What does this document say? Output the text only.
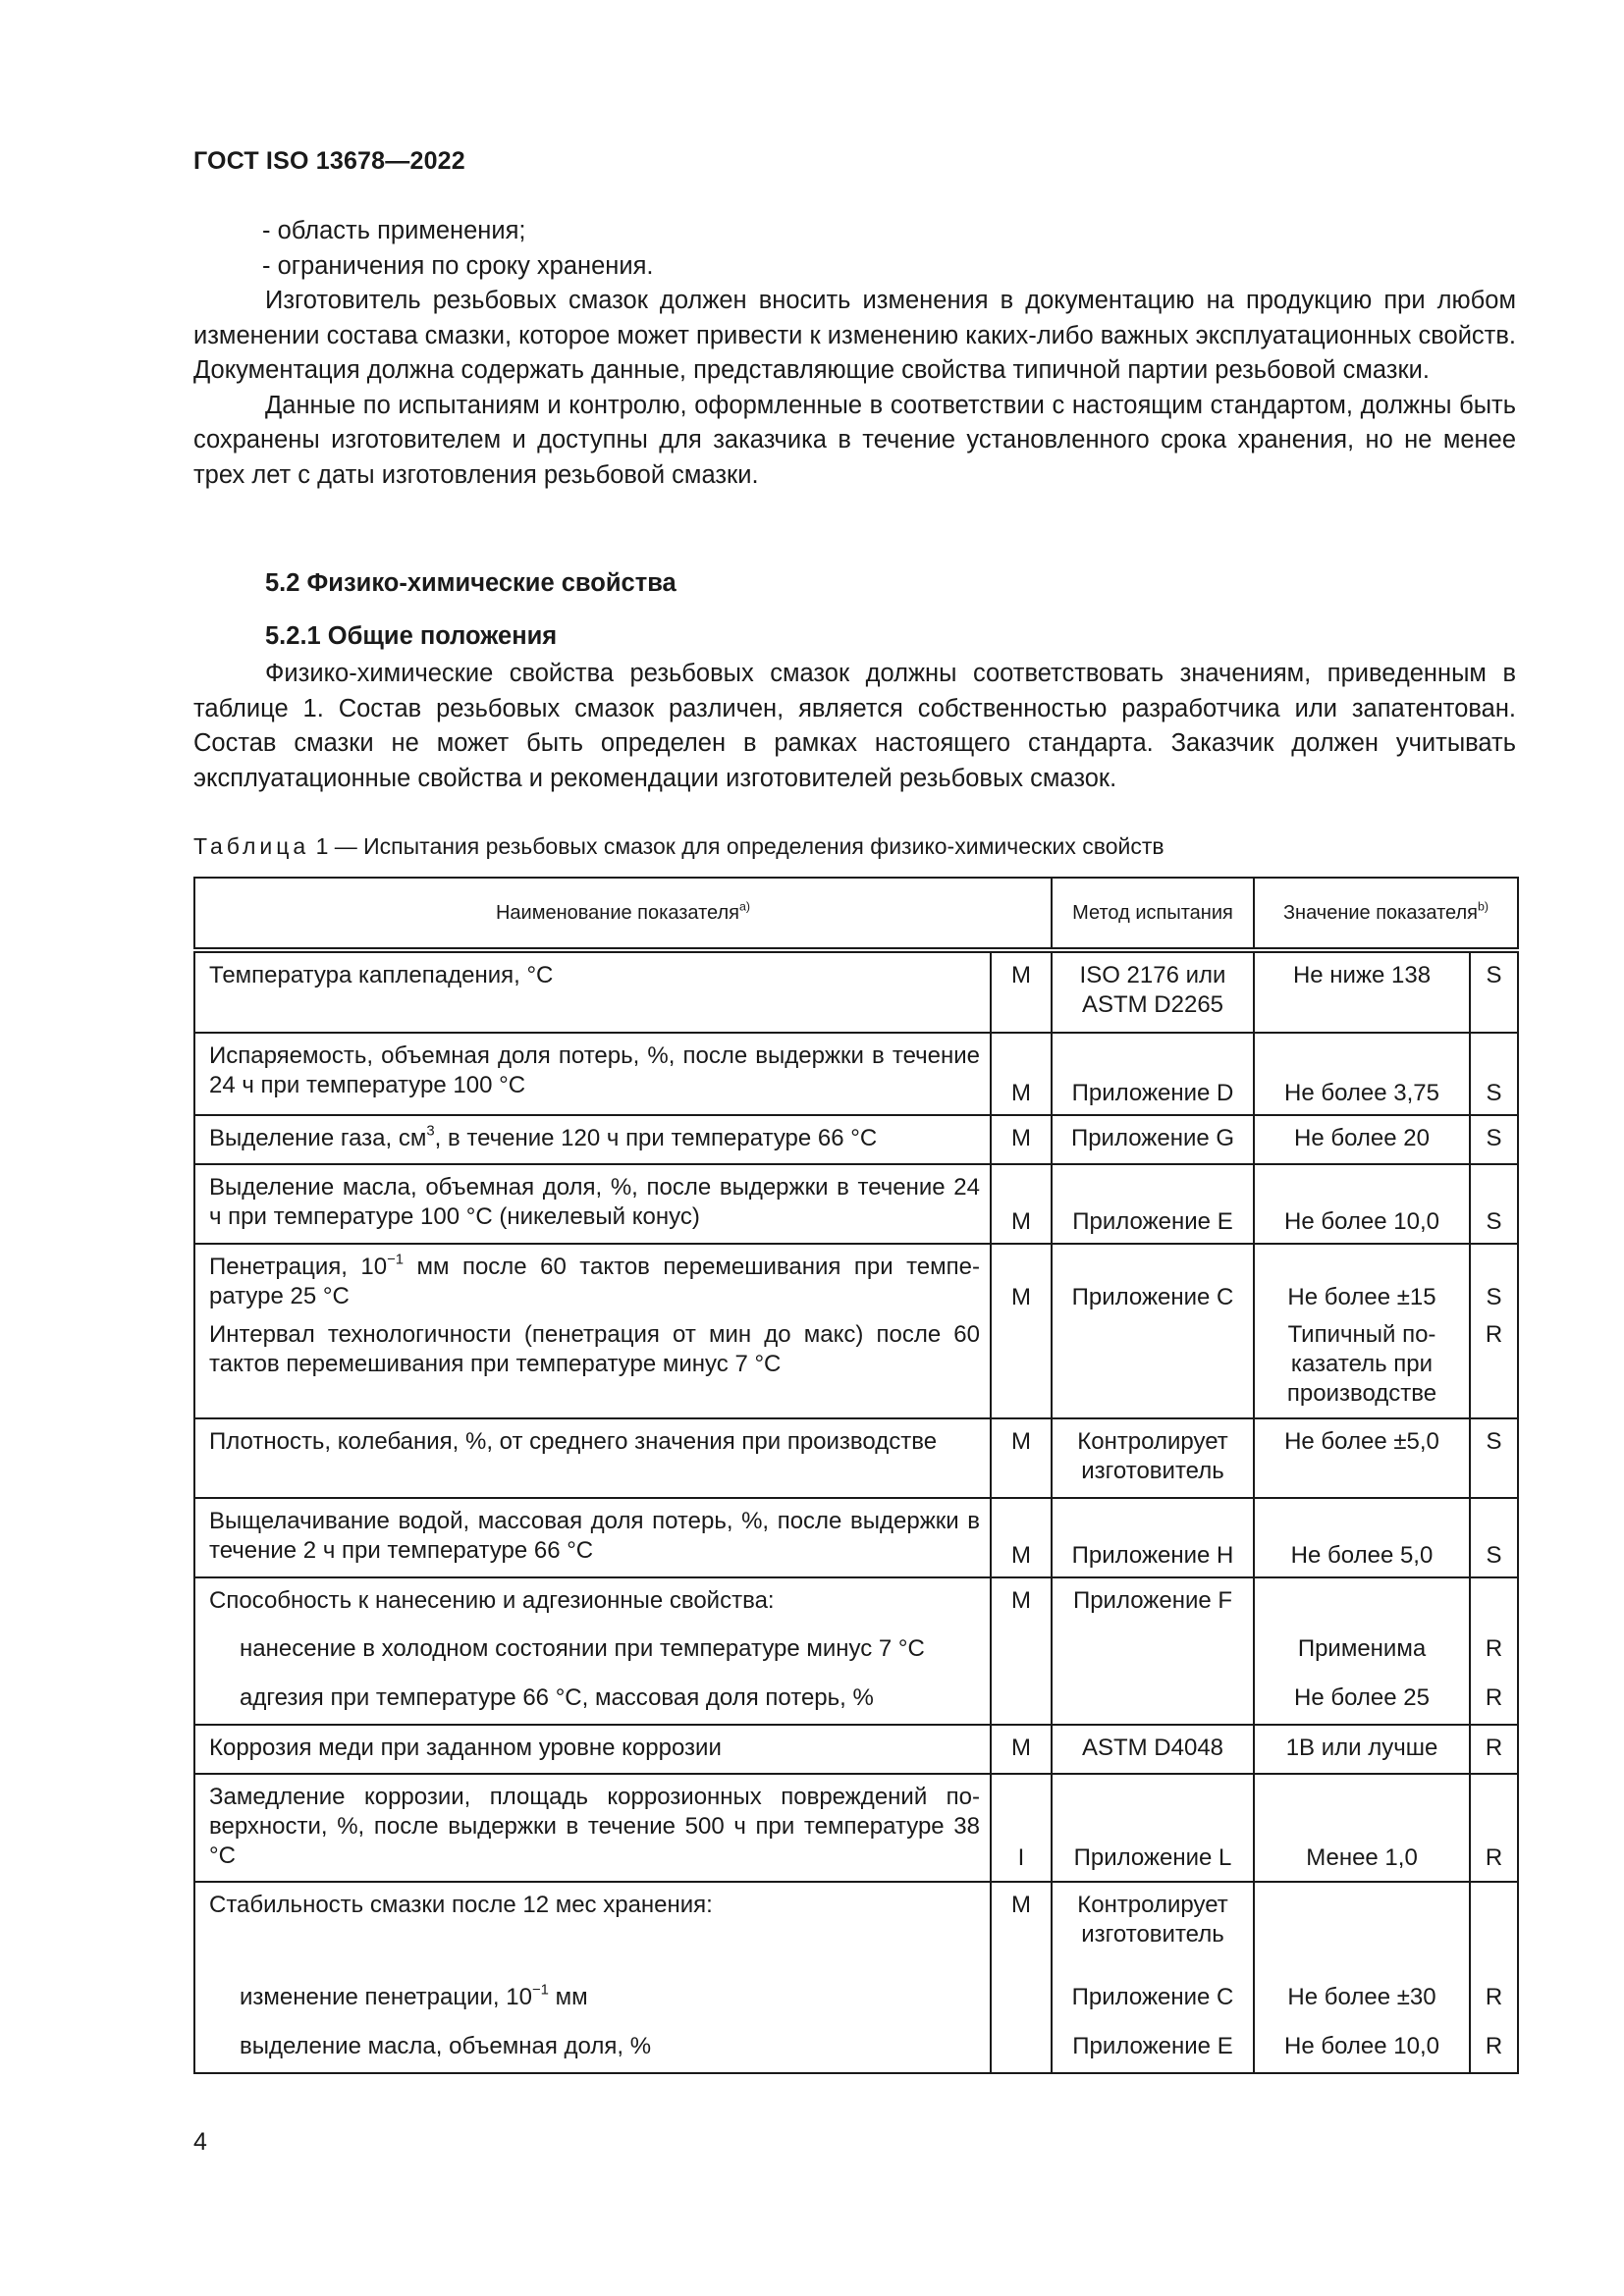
ГОСТ ISO 13678—2022

- область применения;

- ограничения по сроку хранения.

Изготовитель резьбовых смазок должен вносить изменения в документацию на продукцию при любом изменении состава смазки, которое может привести к изменению каких-либо важных эксплуатационных свойств. Документация должна содержать данные, представляющие свойства типичной партии резьбовой смазки.

Данные по испытаниям и контролю, оформленные в соответствии с настоящим стандартом, должны быть сохранены изготовителем и доступны для заказчика в течение установленного срока хранения, но не менее трех лет с даты изготовления резьбовой смазки.

5.2 Физико-химические свойства
5.2.1 Общие положения

Физико-химические свойства резьбовых смазок должны соответствовать значениям, приведенным в таблице 1. Состав резьбовых смазок различен, является собственностью разработчика или запатентован. Состав смазки не может быть определен в рамках настоящего стандарта. Заказчик должен учитывать эксплуатационные свойства и рекомендации изготовителей резьбовых смазок.

Таблица 1 — Испытания резьбовых смазок для определения физико-химических свойств
Наименование показателя$^{а)}$		Метод испытания	Значение показателя$^{b)}$
Температура каплепадения, °C	M	ISO 2176 или ASTM D2265	Не ниже 138	S
Испаряемость, объемная доля потерь, %, после выдержки в течение 24 ч при температуре 100 °C	M	Приложение D	Не более 3,75	S
Выделение газа, $см^3$, в течение 120 ч при температуре 66 °C	M	Приложение G	Не более 20	S
Выделение масла, объемная доля, %, после выдержки в течение 24 ч при температуре 100 °C (никелевый конус)	M	Приложение E	Не более 10,0	S
Пенетрация, $10^{-1}$ мм после 60 тактов перемешивания при температуре 25 °C	M	Приложение C	Не более ±15	S
Интервал технологичности (пенетрация от мин до макс) после 60 тактов перемешивания при температуре минус 7 °C			Типичный показатель при производстве	R
Плотность, колебания, %, от среднего значения при производстве	M	Контролирует изготовитель	Не более ±5,0	S
Выщелачивание водой, массовая доля потерь, %, после выдержки в течение 2 ч при температуре 66 °C	M	Приложение H	Не более 5,0	S
Способность к нанесению и адгезионные свойства:	M	Приложение F		
нанесение в холодном состоянии при температуре минус 7 °C			Применима	R
адгезия при температуре 66 °C, массовая доля потерь, %			Не более 25	R
Коррозия меди при заданном уровне коррозии	M	ASTM D4048	1B или лучше	R
Замедление коррозии, площадь коррозионных повреждений поверхности, %, после выдержки в течение 500 ч при температуре 38 °C	I	Приложение L	Менее 1,0	R
Стабильность смазки после 12 мес хранения:	M	Контролирует изготовитель		
изменение пенетрации, $10^{-1}$ мм		Приложение C	Не более ±30	R
выделение масла, объемная доля, %		Приложение E	Не более 10,0	R
4
